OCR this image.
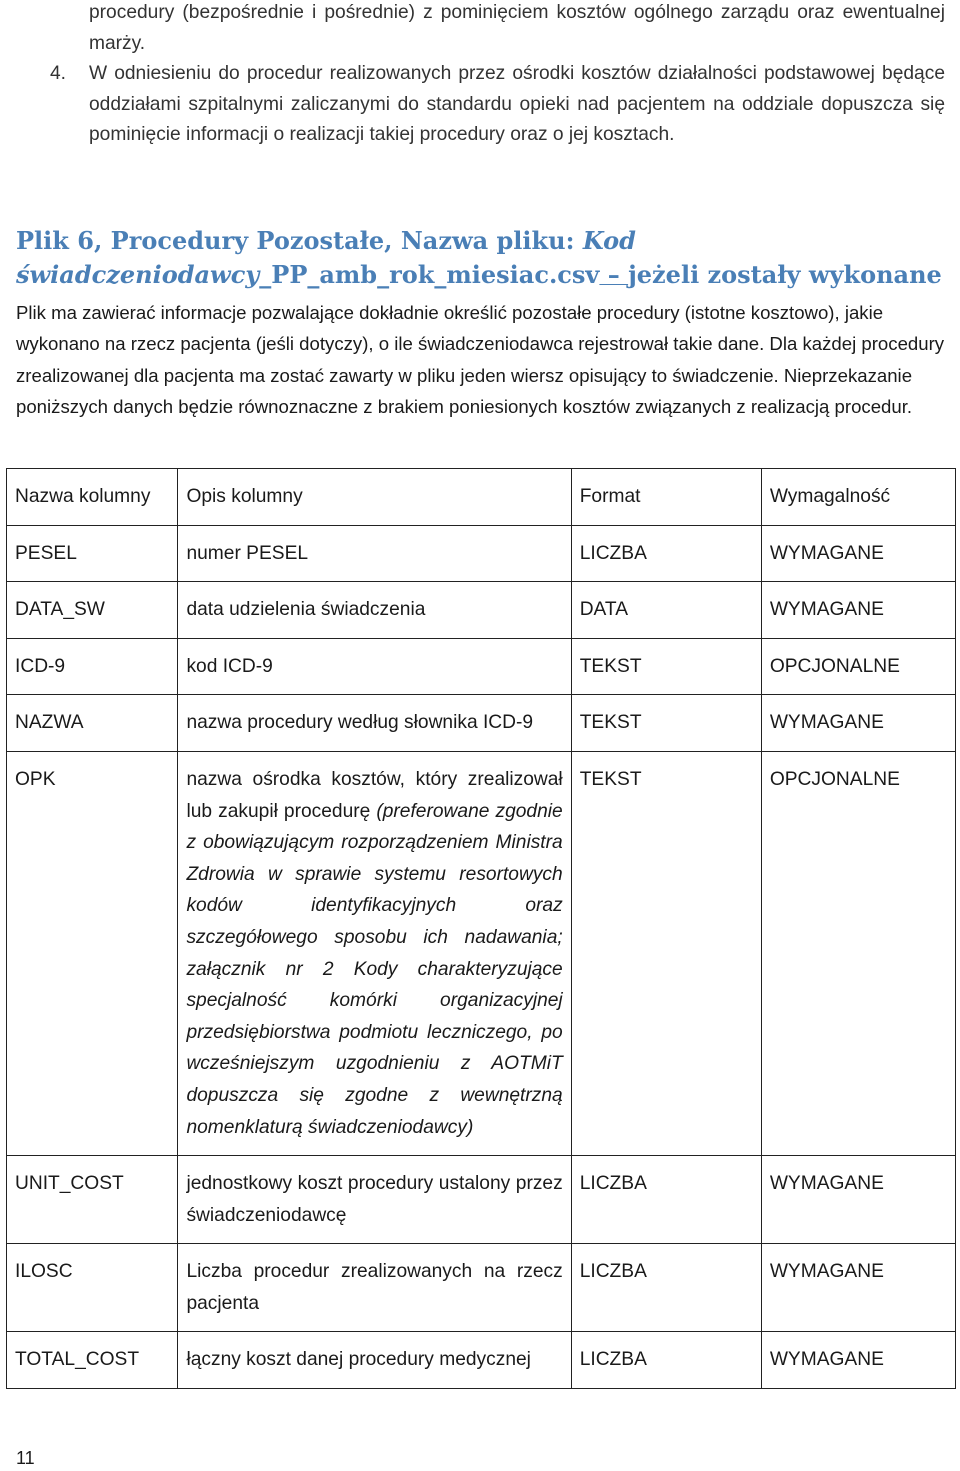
procedury (bezpośrednie i pośrednie) z pominięciem kosztów ogólnego zarządu oraz ewentualnej marży.
4. W odniesieniu do procedur realizowanych przez ośrodki kosztów działalności podstawowej będące oddziałami szpitalnymi zaliczanymi do standardu opieki nad pacjentem na oddziale dopuszcza się pominięcie informacji o realizacji takiej procedury oraz o jej kosztach.
Plik 6, Procedury Pozostałe, Nazwa pliku: Kod świadczeniodawcy_PP_amb_rok_miesiac.csv – jeżeli zostały wykonane
Plik ma zawierać informacje pozwalające dokładnie określić pozostałe procedury (istotne kosztowo), jakie wykonano na rzecz pacjenta (jeśli dotyczy), o ile świadczeniodawca rejestrował takie dane. Dla każdej procedury zrealizowanej dla pacjenta ma zostać zawarty w pliku jeden wiersz opisujący to świadczenie. Nieprzekazanie poniższych danych będzie równoznaczne z brakiem poniesionych kosztów związanych z realizacją procedur.
Nazwa kolumny	Opis kolumny	Format	Wymagalność
PESEL	numer PESEL	LICZBA	WYMAGANE
DATA_SW	data udzielenia świadczenia	DATA	WYMAGANE
ICD-9	kod ICD-9	TEKST	OPCJONALNE
NAZWA	nazwa procedury według słownika ICD-9	TEKST	WYMAGANE
OPK	nazwa ośrodka kosztów, który zrealizował lub zakupił procedurę (preferowane zgodnie z obowiązującym rozporządzeniem Ministra Zdrowia w sprawie systemu resortowych kodów identyfikacyjnych oraz szczegółowego sposobu ich nadawania; załącznik nr 2 Kody charakteryzujące specjalność komórki organizacyjnej przedsiębiorstwa podmiotu leczniczego, po wcześniejszym uzgodnieniu z AOTMiT dopuszcza się zgodne z wewnętrzną nomenklaturą świadczeniodawcy)	TEKST	OPCJONALNE
UNIT_COST	jednostkowy koszt procedury ustalony przez świadczeniodawcę	LICZBA	WYMAGANE
ILOSC	Liczba procedur zrealizowanych na rzecz pacjenta	LICZBA	WYMAGANE
TOTAL_COST	łączny koszt danej procedury medycznej	LICZBA	WYMAGANE
11
